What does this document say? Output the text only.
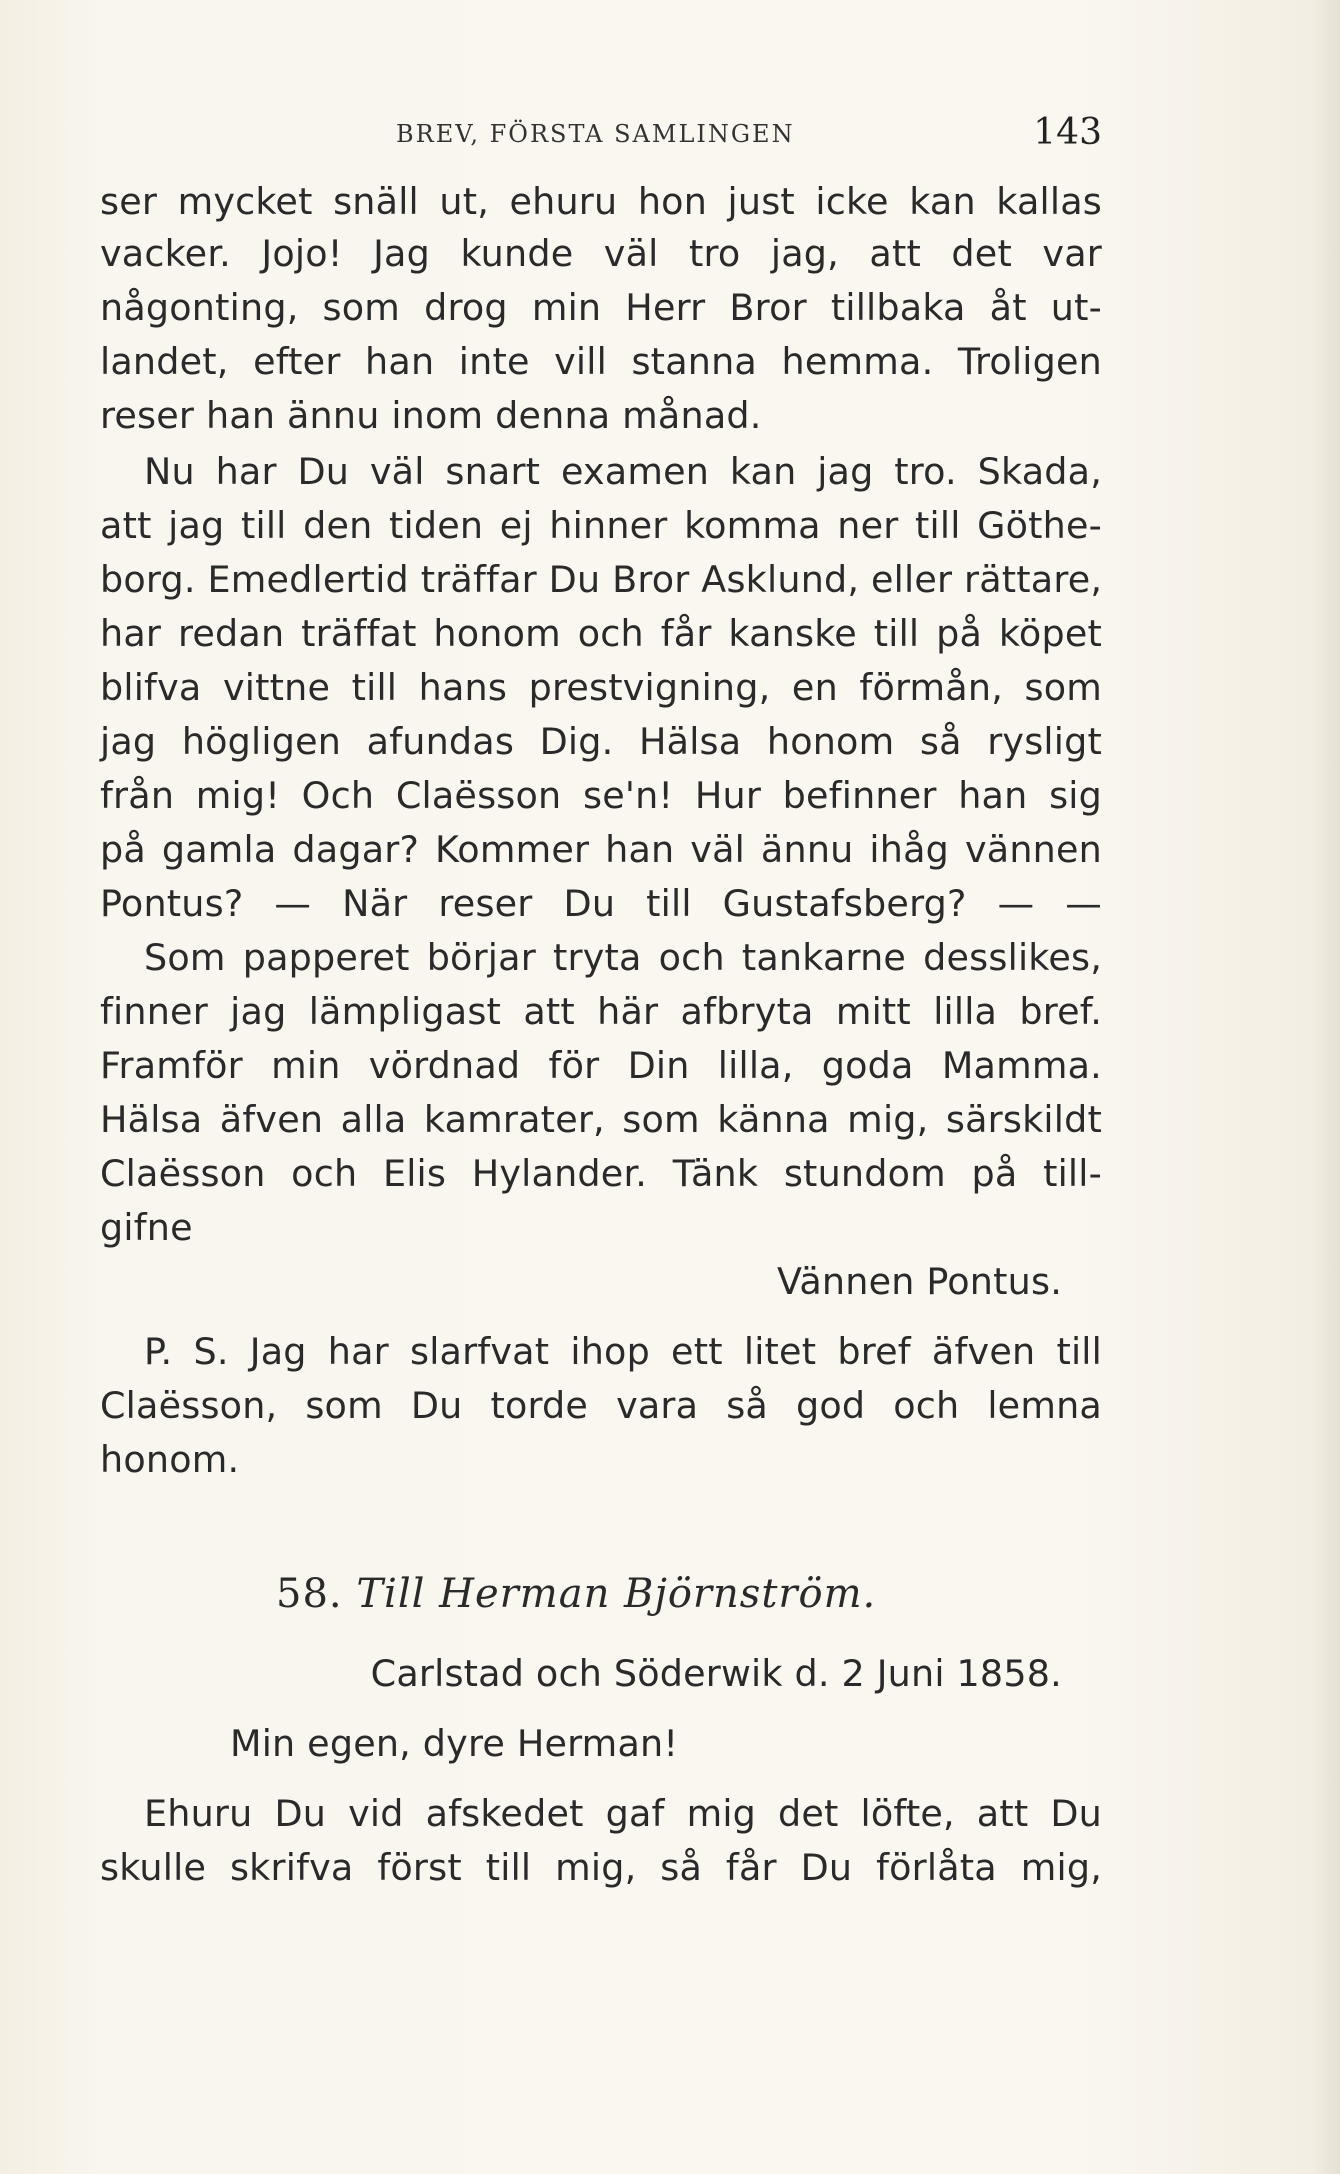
BREV, FÖRSTA SAMLINGEN	143
ser mycket snäll ut, ehuru hon just icke kan kallas
vacker. Jojo! Jag kunde väl tro jag, att det var
någonting, som drog min Herr Bror tillbaka åt ut-
landet, efter han inte vill stanna hemma. Troligen
reser han ännu inom denna månad.
Nu har Du väl snart examen kan jag tro. Skada,
att jag till den tiden ej hinner komma ner till Göthe-
borg. Emedlertid träffar Du Bror Asklund, eller rättare,
har redan träffat honom och får kanske till på köpet
blifva vittne till hans prestvigning, en förmån, som
jag högligen afundas Dig. Hälsa honom så rysligt
från mig! Och Claësson se'n! Hur befinner han sig
på gamla dagar? Kommer han väl ännu ihåg vännen
Pontus? — När reser Du till Gustafsberg? — —
Som papperet börjar tryta och tankarne desslikes,
finner jag lämpligast att här afbryta mitt lilla bref.
Framför min vördnad för Din lilla, goda Mamma.
Hälsa äfven alla kamrater, som känna mig, särskildt
Claësson och Elis Hylander. Tänk stundom på till-
gifne
Vännen Pontus.
P. S. Jag har slarfvat ihop ett litet bref äfven till
Claësson, som Du torde vara så god och lemna
honom.
58. Till Herman Björnström.
Carlstad och Söderwik d. 2 Juni 1858.
Min egen, dyre Herman!
Ehuru Du vid afskedet gaf mig det löfte, att Du
skulle skrifva först till mig, så får Du förlåta mig,
